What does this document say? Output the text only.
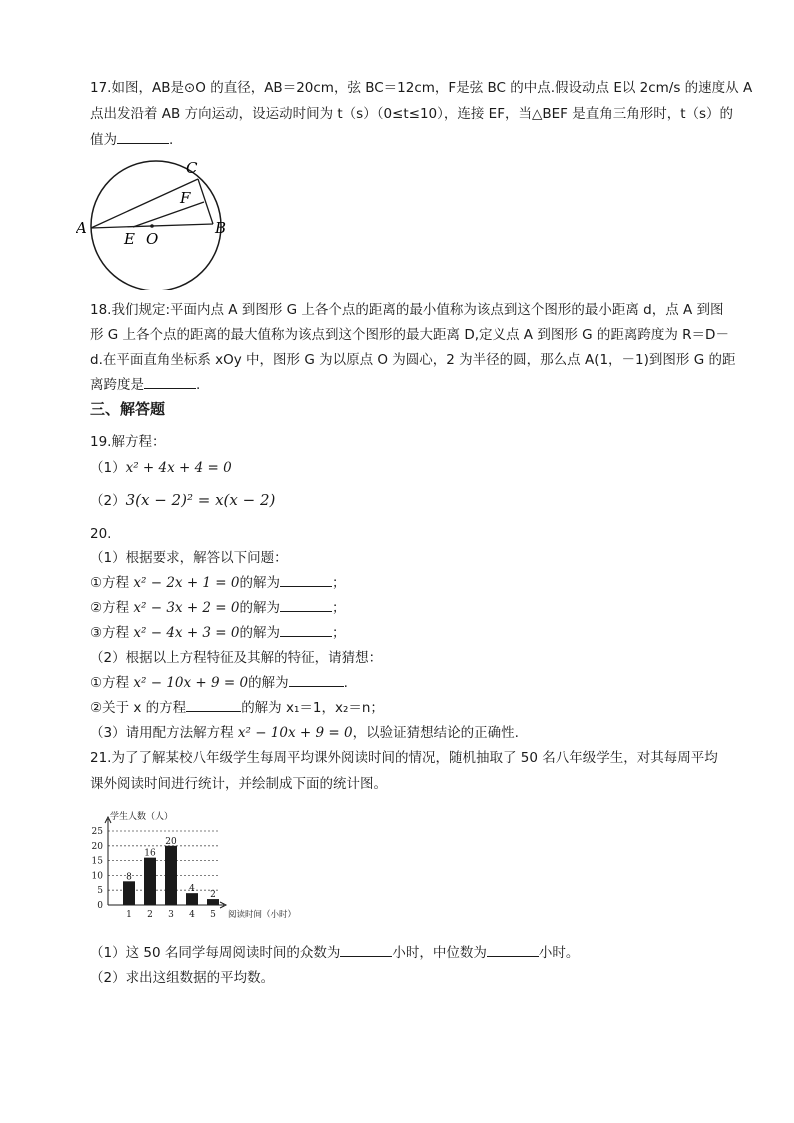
17.如图，AB是⊙O 的直径，AB＝20cm，弦 BC＝12cm，F是弦 BC 的中点.假设动点 E以 2cm/s 的速度从 A
点出发沿着 AB 方向运动，设运动时间为 t（s）（0≤t≤10），连接 EF，当△BEF 是直角三角形时，t（s）的
值为	.
A	B
C
F
E O
18.我们规定:平面内点 A 到图形 G 上各个点的距离的最小值称为该点到这个图形的最小距离 d，点 A 到图
形 G 上各个点的距离的最大值称为该点到这个图形的最大距离 D,定义点 A 到图形 G 的距离跨度为 R＝D－
d.在平面直角坐标系 xOy 中，图形 G 为以原点 O 为圆心，2 为半径的圆，那么点 A(1，－1)到图形 G 的距
离跨度是	.
三、解答题
19.解方程：
（1）x² + 4x + 4 = 0
（2）3(x − 2)² = x(x − 2)
20.
（1）根据要求，解答以下问题：
①方程 x² − 2x + 1 = 0的解为	；
②方程 x² − 3x + 2 = 0的解为	；
③方程 x² − 4x + 3 = 0的解为	；
（2）根据以上方程特征及其解的特征，请猜想：
①方程 x² − 10x + 9 = 0的解为	.
②关于 x 的方程	的解为 x₁＝1，x₂＝n；
（3）请用配方法解方程 x² − 10x + 9 = 0，以验证猜想结论的正确性.
21.为了了解某校八年级学生每周平均课外阅读时间的情况，随机抽取了 50 名八年级学生，对其每周平均
课外阅读时间进行统计，并绘制成下面的统计图。
0
5
10
15
20
25
8
1
16
2
20
3
4
4
2
5
学生人数（人）
阅读时间（小时）
（1）这 50 名同学每周阅读时间的众数为	小时，中位数为	小时。
（2）求出这组数据的平均数。
